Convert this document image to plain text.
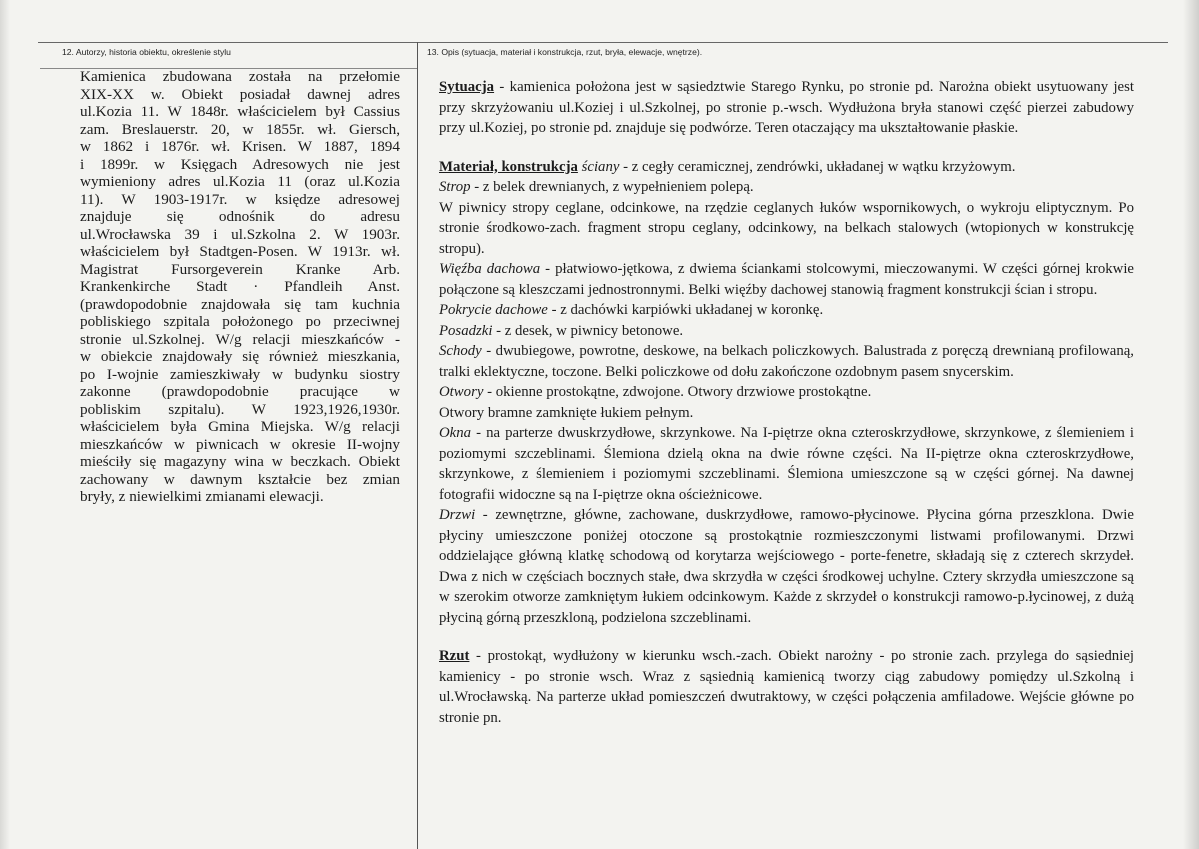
12. Autorzy, historia obiektu, określenie stylu	13. Opis (sytuacja, materiał i konstrukcja, rzut, bryła, elewacje, wnętrze).
Kamienica zbudowana została na przełomie
XIX-XX w. Obiekt posiadał dawnej adres
ul.Kozia 11. W 1848r. właścicielem był Cassius
zam. Breslauerstr. 20, w 1855r. wł. Giersch,
w 1862 i 1876r. wł. Krisen. W 1887, 1894
i 1899r. w Księgach Adresowych nie jest
wymieniony adres ul.Kozia 11 (oraz ul.Kozia
11). W 1903-1917r. w księdze adresowej
znajduje się odnośnik do adresu
ul.Wrocławska 39 i ul.Szkolna 2. W 1903r.
właścicielem był Stadtgen-Posen. W 1913r. wł.
Magistrat Fursorgeverein Kranke Arb.
Krankenkirche Stadt · Pfandleih Anst.
(prawdopodobnie znajdowała się tam kuchnia
pobliskiego szpitala położonego po przeciwnej
stronie ul.Szkolnej. W/g relacji mieszkańców -
w obiekcie znajdowały się również mieszkania,
po I-wojnie zamieszkiwały w budynku siostry
zakonne (prawdopodobnie pracujące w
pobliskim szpitalu). W 1923,1926,1930r.
właścicielem była Gmina Miejska. W/g relacji
mieszkańców w piwnicach w okresie II-wojny
mieściły się magazyny wina w beczkach. Obiekt
zachowany w dawnym kształcie bez zmian
bryły, z niewielkimi zmianami elewacji.

Sytuacja - kamienica położona jest w sąsiedztwie Starego Rynku, po stronie pd. Narożna obiekt usytuowany jest przy skrzyżowaniu ul.Koziej i ul.Szkolnej, po stronie p.-wsch. Wydłużona bryła stanowi część pierzei zabudowy przy ul.Koziej, po stronie pd. znajduje się podwórze. Teren otaczający ma ukształtowanie płaskie.

Materiał, konstrukcja ściany - z cegły ceramicznej, zendrówki, układanej w wątku krzyżowym.

Strop - z belek drewnianych, z wypełnieniem polepą.

W piwnicy stropy ceglane, odcinkowe, na rzędzie ceglanych łuków wspornikowych, o wykroju eliptycznym. Po stronie środkowo-zach. fragment stropu ceglany, odcinkowy, na belkach stalowych (wtopionych w konstrukcję stropu).

Więźba dachowa - płatwiowo-jętkowa, z dwiema ściankami stolcowymi, mieczowanymi. W części górnej krokwie połączone są kleszczami jednostronnymi. Belki więźby dachowej stanowią fragment konstrukcji ścian i stropu.

Pokrycie dachowe - z dachówki karpiówki układanej w koronkę.

Posadzki - z desek, w piwnicy betonowe.

Schody - dwubiegowe, powrotne, deskowe, na belkach policzkowych. Balustrada z poręczą drewnianą profilowaną, tralki eklektyczne, toczone. Belki policzkowe od dołu zakończone ozdobnym pasem snycerskim.

Otwory - okienne prostokątne, zdwojone. Otwory drzwiowe prostokątne.

Otwory bramne zamknięte łukiem pełnym.

Okna - na parterze dwuskrzydłowe, skrzynkowe. Na I-piętrze okna czteroskrzydłowe, skrzynkowe, z ślemieniem i poziomymi szczeblinami. Ślemiona dzielą okna na dwie równe części. Na II-piętrze okna czteroskrzydłowe, skrzynkowe, z ślemieniem i poziomymi szczeblinami. Ślemiona umieszczone są w części górnej. Na dawnej fotografii widoczne są na I-piętrze okna ościeżnicowe.

Drzwi - zewnętrzne, główne, zachowane, duskrzydłowe, ramowo-płycinowe. Płycina górna przeszklona. Dwie płyciny umieszczone poniżej otoczone są prostokątnie rozmieszczonymi listwami profilowanymi. Drzwi oddzielające główną klatkę schodową od korytarza wejściowego - porte-fenetre, składają się z czterech skrzydeł. Dwa z nich w częściach bocznych stałe, dwa skrzydła w części środkowej uchylne. Cztery skrzydła umieszczone są w szerokim otworze zamkniętym łukiem odcinkowym. Każde z skrzydeł o konstrukcji ramowo-p.łycinowej, z dużą płyciną górną przeszkloną, podzielona szczeblinami.

Rzut - prostokąt, wydłużony w kierunku wsch.-zach. Obiekt narożny - po stronie zach. przylega do sąsiedniej kamienicy - po stronie wsch. Wraz z sąsiednią kamienicą tworzy ciąg zabudowy pomiędzy ul.Szkolną i ul.Wrocławską. Na parterze układ pomieszczeń dwutraktowy, w części połączenia amfiladowe. Wejście główne po stronie pn.
